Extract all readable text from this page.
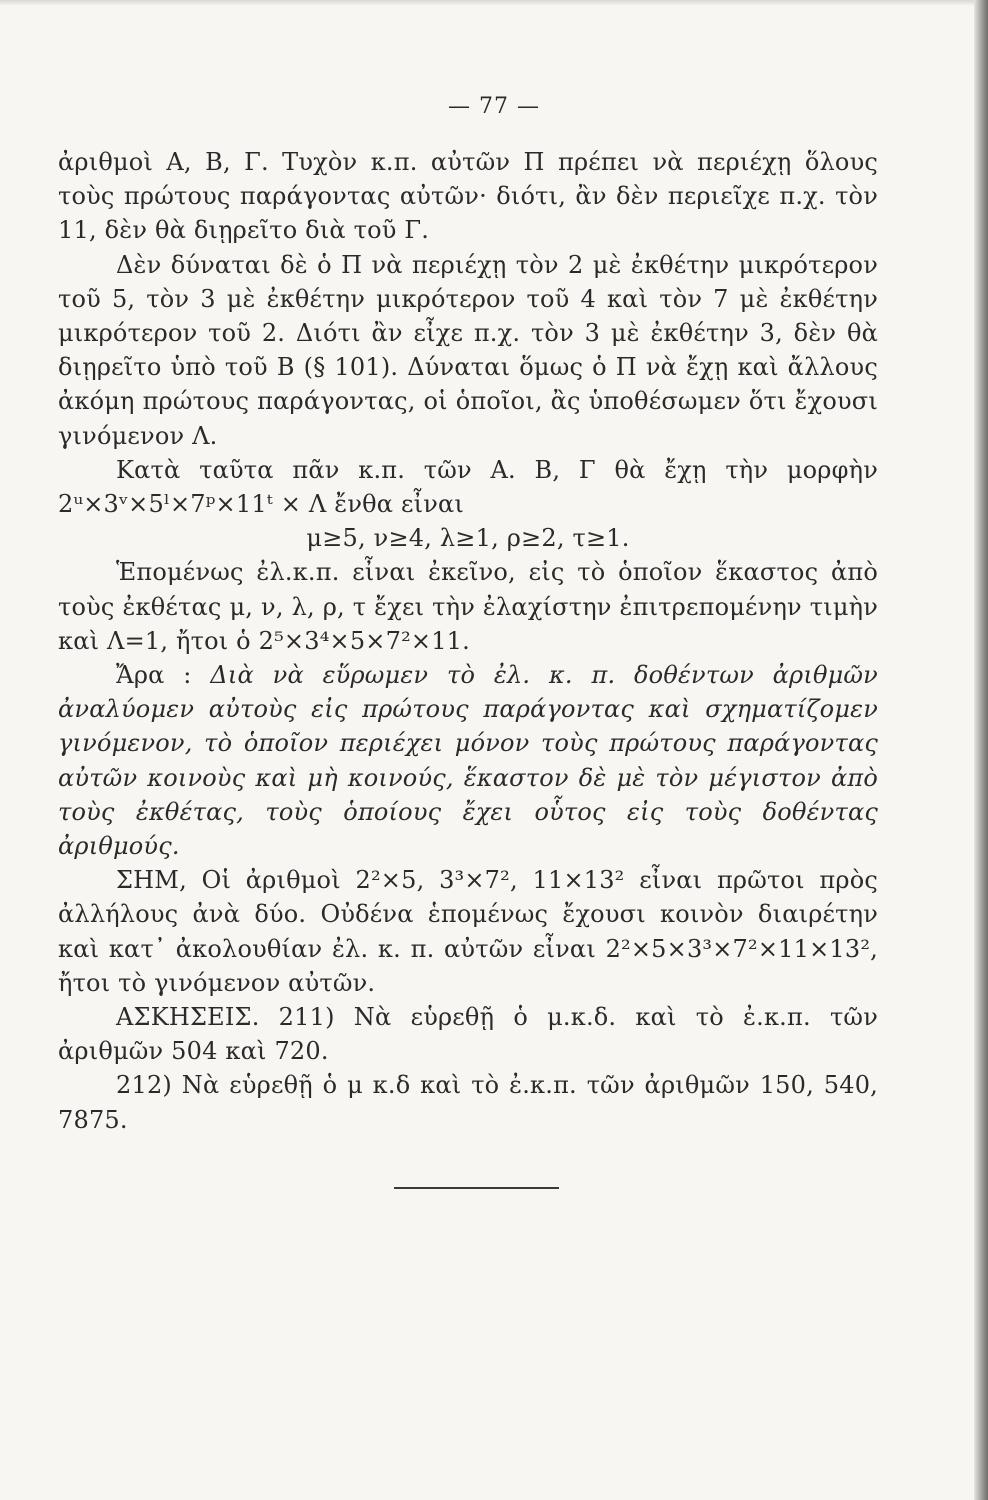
— 77 —

ἀριθμοὶ Α, Β, Γ. Τυχὸν κ.π. αὐτῶν Π πρέπει νὰ περιέχῃ ὅλους τοὺς πρώτους παράγοντας αὐτῶν· διότι, ἂν δὲν περιεῖχε π.χ. τὸν 11, δὲν θὰ διῃρεῖτο διὰ τοῦ Γ.

Δὲν δύναται δὲ ὁ Π νὰ περιέχῃ τὸν 2 μὲ ἐκθέτην μικρότερον τοῦ 5, τὸν 3 μὲ ἐκθέτην μικρότερον τοῦ 4 καὶ τὸν 7 μὲ ἐκθέτην μικρότερον τοῦ 2. Διότι ἂν εἶχε π.χ. τὸν 3 μὲ ἐκθέτην 3, δὲν θὰ διῃρεῖτο ὑπὸ τοῦ Β (§ 101). Δύναται ὅμως ὁ Π νὰ ἔχῃ καὶ ἄλλους ἀκόμη πρώτους παράγοντας, οἱ ὁποῖοι, ἂς ὑποθέσωμεν ὅτι ἔχουσι γινόμενον Λ.

Κατὰ ταῦτα πᾶν κ.π. τῶν Α. Β, Γ θὰ ἔχῃ τὴν μορφὴν 2ᵘ×3ᵛ×5ˡ×7ᵖ×11ᵗ × Λ ἔνθα εἶναι

μ≥5, ν≥4, λ≥1, ρ≥2, τ≥1.

Ἑπομένως ἐλ.κ.π. εἶναι ἐκεῖνο, εἰς τὸ ὁποῖον ἕκαστος ἀπὸ τοὺς ἐκθέτας μ, ν, λ, ρ, τ ἔχει τὴν ἐλαχίστην ἐπιτρεπομένην τιμὴν καὶ Λ=1, ἤτοι ὁ 2⁵×3⁴×5×7²×11.

Ἄρα : Διὰ νὰ εὕρωμεν τὸ ἐλ. κ. π. δοθέντων ἀριθμῶν ἀναλύομεν αὐτοὺς εἰς πρώτους παράγοντας καὶ σχηματίζομεν γινόμενον, τὸ ὁποῖον περιέχει μόνον τοὺς πρώτους παράγοντας αὐτῶν κοινοὺς καὶ μὴ κοινούς, ἕκαστον δὲ μὲ τὸν μέγιστον ἀπὸ τοὺς ἐκθέτας, τοὺς ὁποίους ἔχει οὗτος εἰς τοὺς δοθέντας ἀριθμούς.

ΣΗΜ, Οἱ ἀριθμοὶ 2²×5, 3³×7², 11×13² εἶναι πρῶτοι πρὸς ἀλλήλους ἀνὰ δύο. Οὐδένα ἑπομένως ἔχουσι κοινὸν διαιρέτην καὶ κατ᾽ ἀκολουθίαν ἐλ. κ. π. αὐτῶν εἶναι 2²×5×3³×7²×11×13², ἤτοι τὸ γινόμενον αὐτῶν.

ΑΣΚΗΣΕΙΣ. 211) Νὰ εὑρεθῇ ὁ μ.κ.δ. καὶ τὸ ἐ.κ.π. τῶν ἀριθμῶν 504 καὶ 720.

212) Νὰ εὑρεθῇ ὁ μ κ.δ καὶ τὸ ἐ.κ.π. τῶν ἀριθμῶν 150, 540, 7875.
